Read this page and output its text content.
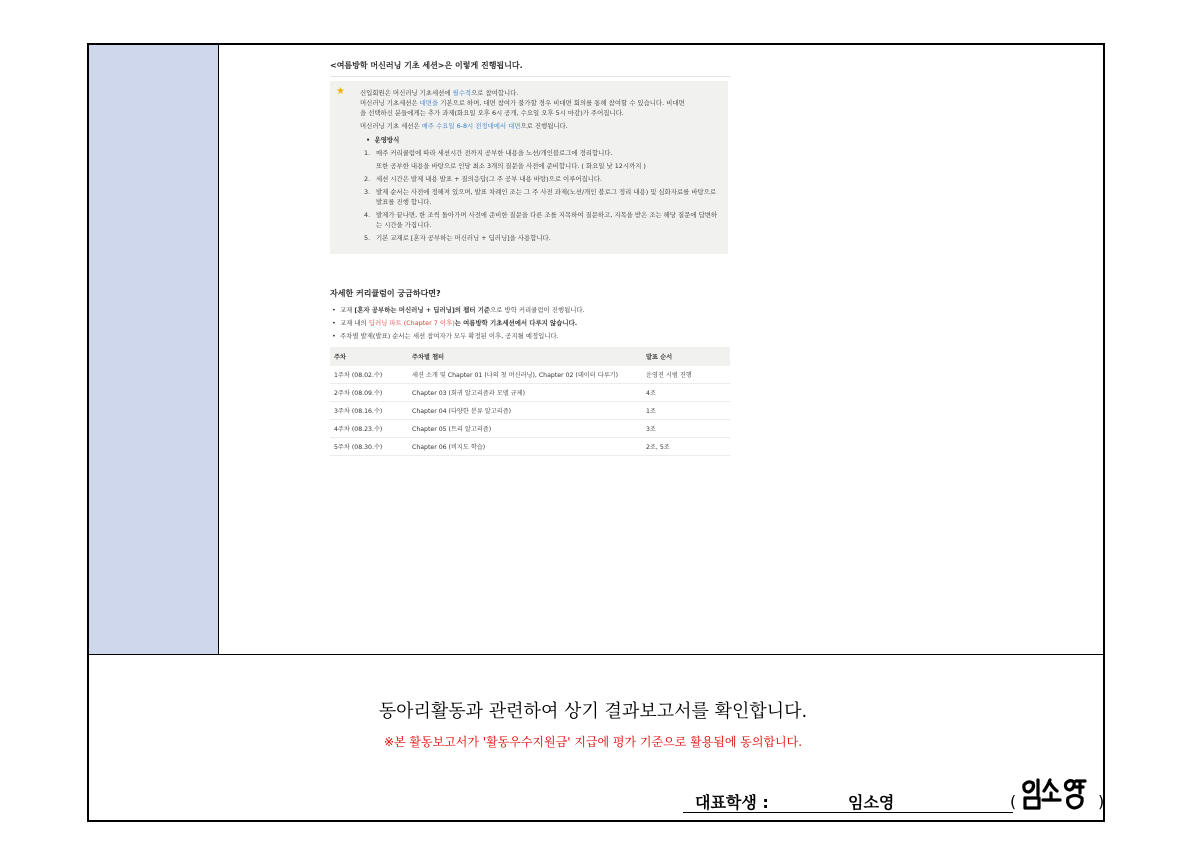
<여름방학 머신러닝 기초 세션>은 이렇게 진행됩니다.
★ 신입회원은 머신러닝 기초세션에 필수적으로 참여합니다.

머신러닝 기초세션은 대면을 기본으로 하며, 대면 참여가 불가할 경우 비대면 회의를 통해 참여할 수 있습니다. 비대면

을 선택하신 분들에게는 추가 과제(화요일 오후 6시 공개, 수요일 오후 5시 마감)가 주어집니다.

머신러닝 기초 세션은 매주 수요일 6-8시 전정대에서 대면으로 진행됩니다.

•  운영방식
1. 매주 커리큘럼에 따라 세션시간 전까지 공부한 내용을 노션/개인블로그에 정리합니다.
또한 공부한 내용을 바탕으로 인당 최소 3개의 질문을 사전에 준비합니다. ( 화요일 낮 12시까지 )
2. 세션 시간은 발제 내용 발표 + 질의응답(그 주 공부 내용 바탕)으로 이루어집니다.
3. 발제 순서는 사전에 정해져 있으며, 발표 차례인 조는 그 주 사전 과제(노션/개인 블로그 정리 내용) 및 심화자료를 바탕으로 발표를 진행 합니다.
4. 발제가 끝나면, 한 조씩 돌아가며 사전에 준비한 질문을 다른 조를 지목하여 질문하고, 지목을 받은 조는 해당 질문에 답변하는 시간을 가집니다.
5. 기본 교재로 [혼자 공부하는 머신러닝 + 딥러닝]을 사용합니다.
자세한 커리큘럼이 궁금하다면?
• 교재 [혼자 공부하는 머신러닝 + 딥러닝]의 챕터 기준으로 방학 커리큘럼이 진행됩니다.
• 교재 내의 딥러닝 파트 (Chapter 7 이후)는 여름방학 기초세션에서 다루지 않습니다.
• 주차별 발제(발표) 순서는 세션 참여자가 모두 확정된 이후, 공지될 예정입니다.
주차	주차별 챕터	발표 순서
1주차 (08.02.수)	세션 소개 및 Chapter 01 (나의 첫 머신러닝), Chapter 02 (데이터 다루기)	운영진 시범 진행
2주차 (08.09.수)	Chapter 03 (회귀 알고리즘과 모델 규제)	4조
3주차 (08.16.수)	Chapter 04 (다양한 분류 알고리즘)	1조
4주차 (08.23.수)	Chapter 05 (트리 알고리즘)	3조
5주차 (08.30.수)	Chapter 06 (비지도 학습)	2조, 5조
동아리활동과 관련하여 상기 결과보고서를 확인합니다.
※본 활동보고서가 '활동우수지원금' 지급에 평가 기준으로 활용됨에 동의합니다.
대표학생 :	임소영	(	)
